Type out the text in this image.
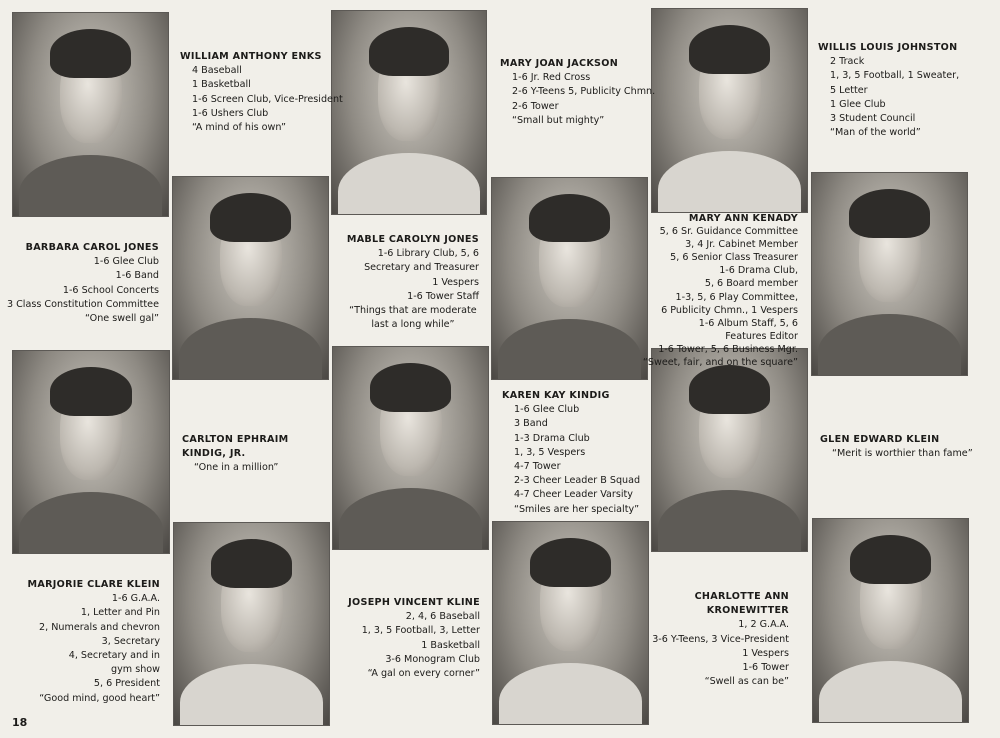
WILLIAM ANTHONY ENKS
4 Baseball
1 Basketball
1-6 Screen Club, Vice-President
1-6 Ushers Club
“A mind of his own”
MARY JOAN JACKSON
1-6 Jr. Red Cross
2-6 Y-Teens 5, Publicity Chmn.
2-6 Tower
“Small but mighty”
WILLIS LOUIS JOHNSTON
2 Track
1, 3, 5 Football, 1 Sweater,
5 Letter
1 Glee Club
3 Student Council
“Man of the world”
BARBARA CAROL JONES
1-6 Glee Club
1-6 Band
1-6 School Concerts
3 Class Constitution Committee
“One swell gal”
MABLE CAROLYN JONES
1-6 Library Club, 5, 6
Secretary and Treasurer
1 Vespers
1-6 Tower Staff
“Things that are moderate
last a long while”
MARY ANN KENADY
5, 6 Sr. Guidance Committee
3, 4 Jr. Cabinet Member
5, 6 Senior Class Treasurer
1-6 Drama Club,
5, 6 Board member
1-3, 5, 6 Play Committee,
6 Publicity Chmn., 1 Vespers
1-6 Album Staff, 5, 6
Features Editor
1-6 Tower, 5, 6 Business Mgr.
“Sweet, fair, and on the square”
CARLTON EPHRAIM
KINDIG, JR.
“One in a million”
KAREN KAY KINDIG
1-6 Glee Club
3 Band
1-3 Drama Club
1, 3, 5 Vespers
4-7 Tower
2-3 Cheer Leader B Squad
4-7 Cheer Leader Varsity
“Smiles are her specialty”
GLEN EDWARD KLEIN
“Merit is worthier than fame”
MARJORIE CLARE KLEIN
1-6 G.A.A.
1, Letter and Pin
2, Numerals and chevron
3, Secretary
4, Secretary and in
gym show
5, 6 President
“Good mind, good heart”
JOSEPH VINCENT KLINE
2, 4, 6 Baseball
1, 3, 5 Football, 3, Letter
1 Basketball
3-6 Monogram Club
“A gal on every corner”
CHARLOTTE ANN
KRONEWITTER
1, 2 G.A.A.
3-6 Y-Teens, 3 Vice-President
1 Vespers
1-6 Tower
“Swell as can be”
18
